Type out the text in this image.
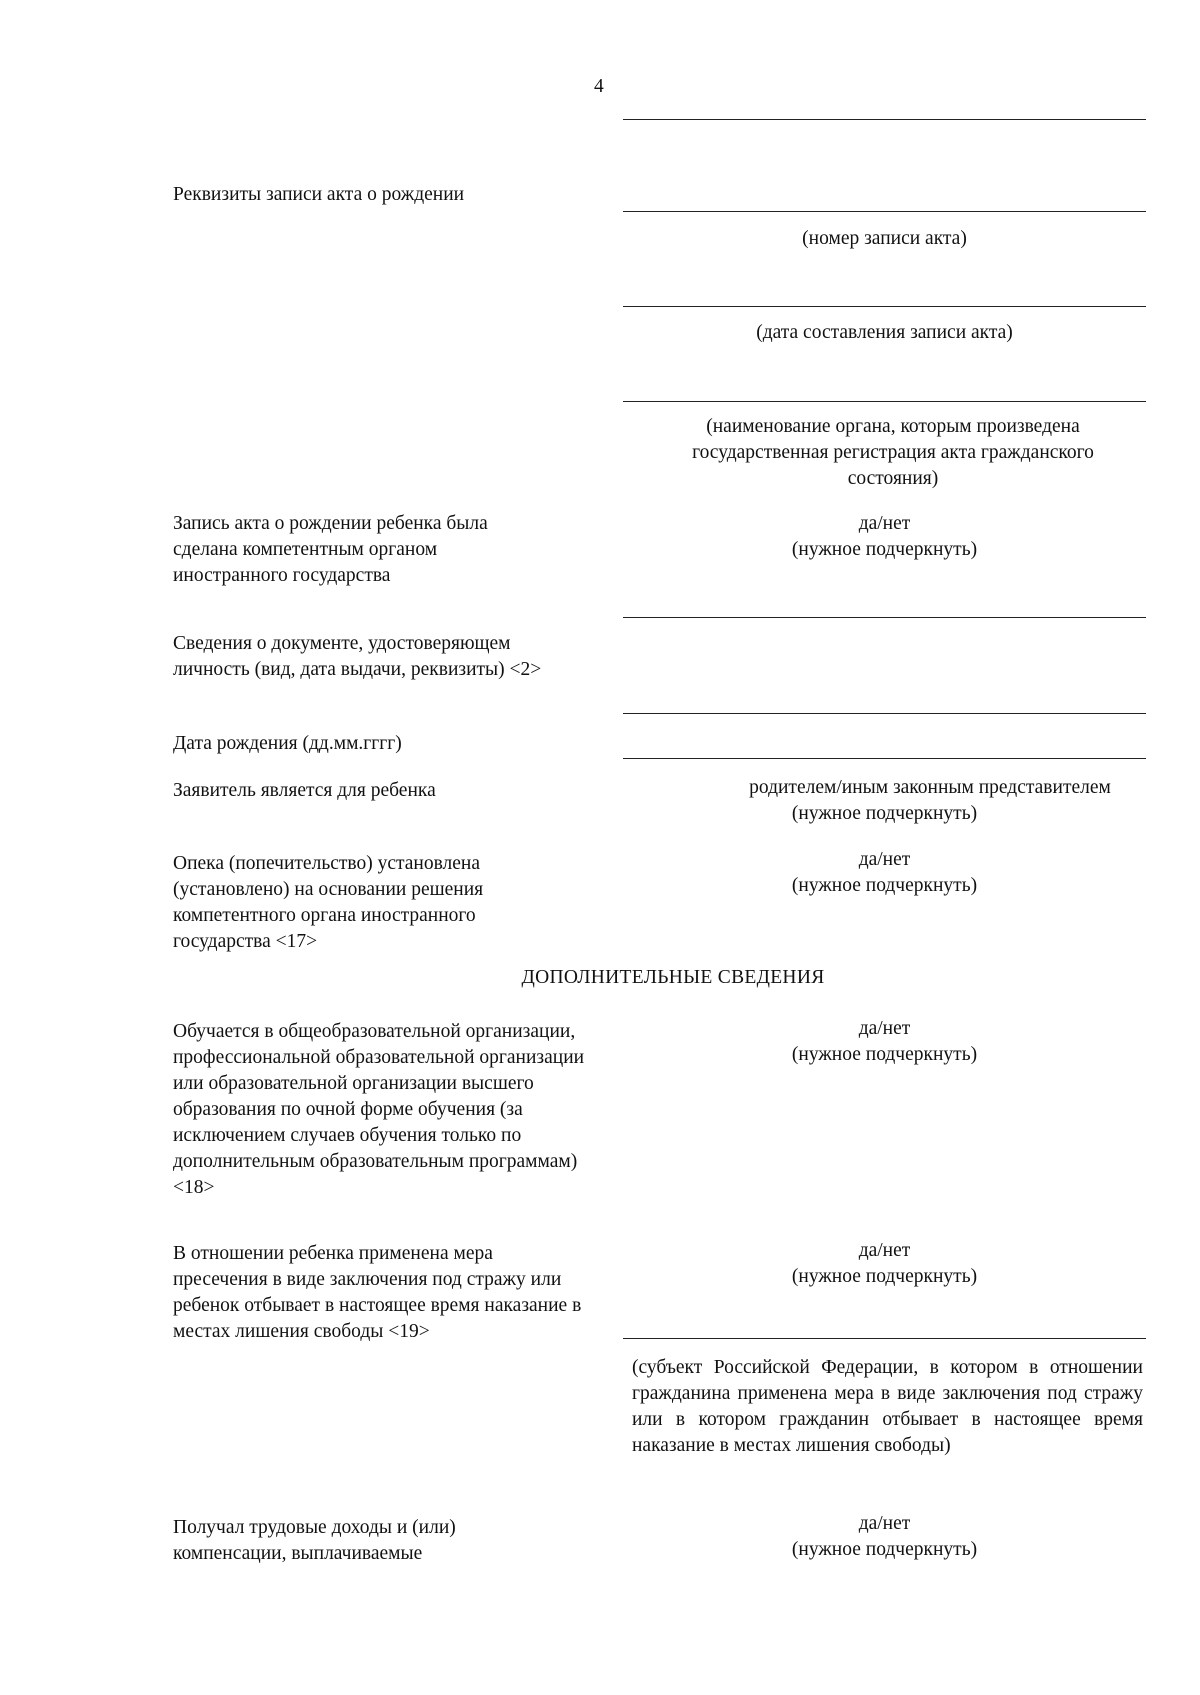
4
Реквизиты записи акта о рождении
(номер записи акта)
(дата составления записи акта)
(наименование органа, которым произведена государственная регистрация акта гражданского состояния)
Запись акта о рождении ребенка была сделана компетентным органом иностранного государства
да/нет
(нужное подчеркнуть)
Сведения о документе, удостоверяющем личность (вид, дата выдачи, реквизиты) <2>
Дата рождения (дд.мм.гггг)
Заявитель является для ребенка	родителем/иным законным представителем
(нужное подчеркнуть)
Опека (попечительство) установлена (установлено) на основании решения компетентного органа иностранного государства <17>
да/нет
(нужное подчеркнуть)
ДОПОЛНИТЕЛЬНЫЕ СВЕДЕНИЯ
Обучается в общеобразовательной организации, профессиональной образовательной организации или образовательной организации высшего образования по очной форме обучения (за исключением случаев обучения только по дополнительным образовательным программам) <18>
да/нет
(нужное подчеркнуть)
В отношении ребенка применена мера пресечения в виде заключения под стражу или ребенок отбывает в настоящее время наказание в местах лишения свободы <19>
да/нет
(нужное подчеркнуть)
(субъект Российской Федерации, в котором в отношении гражданина применена мера в виде заключения под стражу или в котором гражданин отбывает в настоящее время наказание в местах лишения свободы)
Получал трудовые доходы и (или) компенсации, выплачиваемые
да/нет
(нужное подчеркнуть)
